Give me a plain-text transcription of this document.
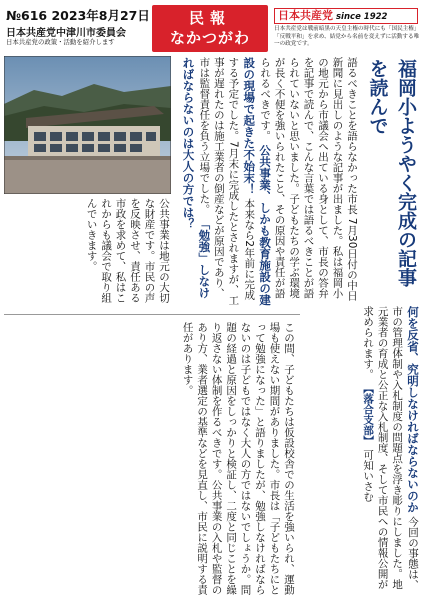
№616 2023年8月27日
日本共産党中津川市委員会
日本共産党の政策・活動を紹介します
民報
なかつがわ
日本共産党 since 1922
日本共産党は戦前暗黒の天皇主権の時代にも「国民主権」「反戦平和」を求め、結党から名前を変えずに活動する唯一の政党です。
福岡小ようやく完成の記事を読んで
語るべきことを語らなかった市長 7月30日付の中日新聞に見出しのような記事が出ました。私は福岡小の地元から市議会へ出ている身として、市長の答弁を記事で読んで、こんな言葉では語るべきことが語られていないと思いました。子どもたちの学ぶ環境が長く不便を強いられたこと、その原因や責任が語られるべきです。 公共事業、しかも教育施設の建設の現場で起きた不始末！ 本来なら2年前に完成する予定でした。7月末に完成したとされますが、工事が遅れたのは施工業者の倒産などが原因であり、市は監督責任を負う立場でした。 「勉強」しなければならないのは大人の方では？
公共事業は地元の大切な財産です。市民の声を反映させ、責任ある市政を求めて、私はこれからも議会で取り組んでいきます。
この間、子どもたちは仮設校舎での生活を強いられ、運動場も使えない期間がありました。市長は「子どもたちにとって勉強になった」と語りましたが、勉強しなければならないのは子どもではなく大人の方ではないでしょうか。問題の経過と原因をしっかりと検証し、二度と同じことを繰り返さない体制を作るべきです。公共事業の入札や監督のあり方、業者選定の基準などを見直し、市民に説明する責任があります。	何を反省、究明しなければならないのか 今回の事態は、市の管理体制や入札制度の問題点を浮き彫りにしました。地元業者の育成と公正な入札制度、そして市民への情報公開が求められます。 【落合支部】 可知いさむ
